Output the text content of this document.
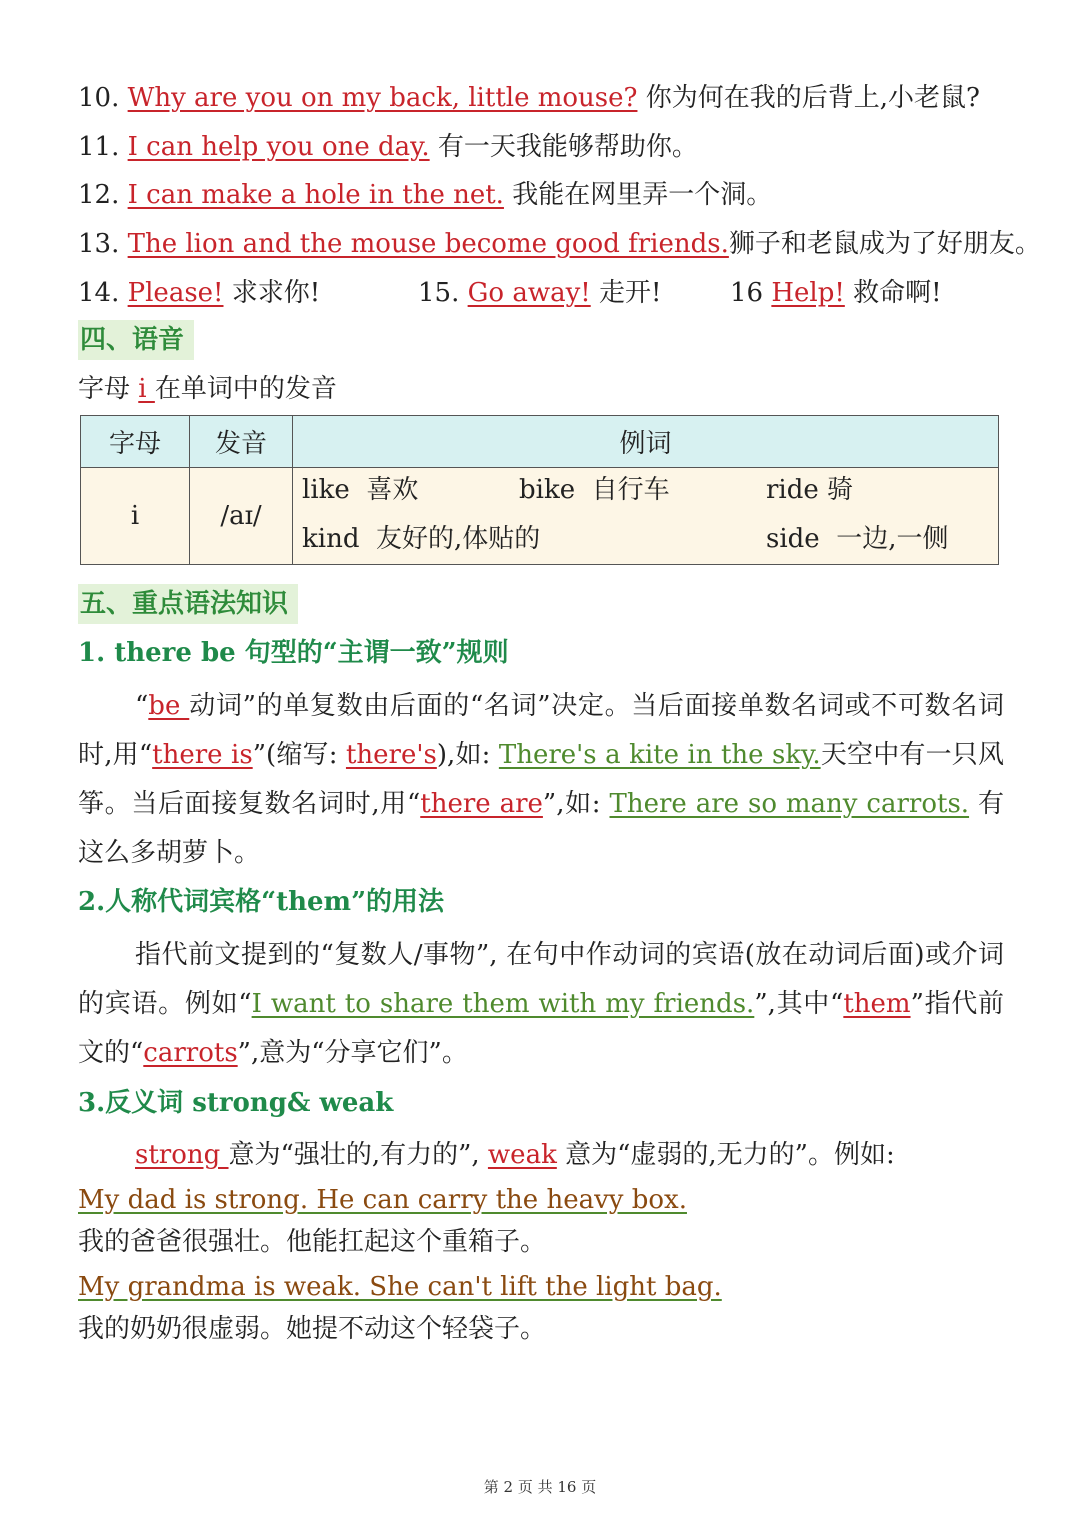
10. Why are you on my back, little mouse? 你为何在我的后背上,小老鼠?
11. I can help you one day. 有一天我能够帮助你。
12. I can make a hole in the net. 我能在网里弄一个洞。
13. The lion and the mouse become good friends.狮子和老鼠成为了好朋友。
14. Please! 求求你!	15. Go away! 走开!	16 Help! 救命啊!
四、语音
字母 i 在单词中的发音
字母	发音	例词
i	/aɪ/	
like 喜欢	bike 自行车	ride 骑
kind 友好的,体贴的	side 一边,一侧
五、重点语法知识
1. there be 句型的“主谓一致”规则
“be 动词”的单复数由后面的“名词”决定。当后面接单数名词或不可数名词时,用“there is”(缩写: there's),如: There's a kite in the sky.天空中有一只风筝。当后面接复数名词时,用“there are”,如: There are so many carrots. 有这么多胡萝卜。
2.人称代词宾格“them”的用法
指代前文提到的“复数人/事物”, 在句中作动词的宾语(放在动词后面)或介词的宾语。例如“I want to share them with my friends.”,其中“them”指代前文的“carrots”,意为“分享它们”。
3.反义词 strong& weak
strong 意为“强壮的,有力的”, weak 意为“虚弱的,无力的”。例如:
My dad is strong. He can carry the heavy box.
我的爸爸很强壮。他能扛起这个重箱子。
My grandma is weak. She can't lift the light bag.
我的奶奶很虚弱。她提不动这个轻袋子。
第 2 页 共 16 页
